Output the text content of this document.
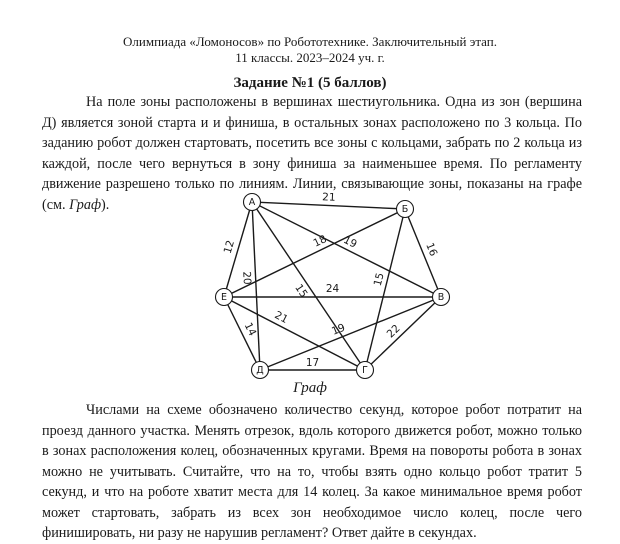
Олимпиада «Ломоносов» по Робототехнике. Заключительный этап.
11 классы. 2023–2024 уч. г.
Задание №1 (5 баллов)

На поле зоны расположены в вершинах шестиугольника. Одна из зон (вершина Д) является зоной старта и и финиша, в остальных зонах расположено по 3 кольца. По заданию робот должен стартовать, посетить все зоны с кольцами, забрать по 2 кольца из каждой, после чего вернуться в зону финиша за наименьшее время. По регламенту движение разрешено только по линиям. Линии, связывающие зоны, показаны на графе (см. Граф).	21
12
20
15
19
18	16
15
24
14
21
19
17
22
А
Б
В
Г
Д
Е
Граф

Числами на схеме обозначено количество секунд, которое робот потратит на проезд данного участка. Менять отрезок, вдоль которого движется робот, можно только в зонах расположения колец, обозначенных кругами. Время на повороты робота в зонах можно не учитывать. Считайте, что на то, чтобы взять одно кольцо робот тратит 5 секунд, и что на роботе хватит места для 14 колец. За какое минимальное время робот может стартовать, забрать из всех зон необходимое число колец, после чего финишировать, ни разу не нарушив регламент? Ответ дайте в секундах.
